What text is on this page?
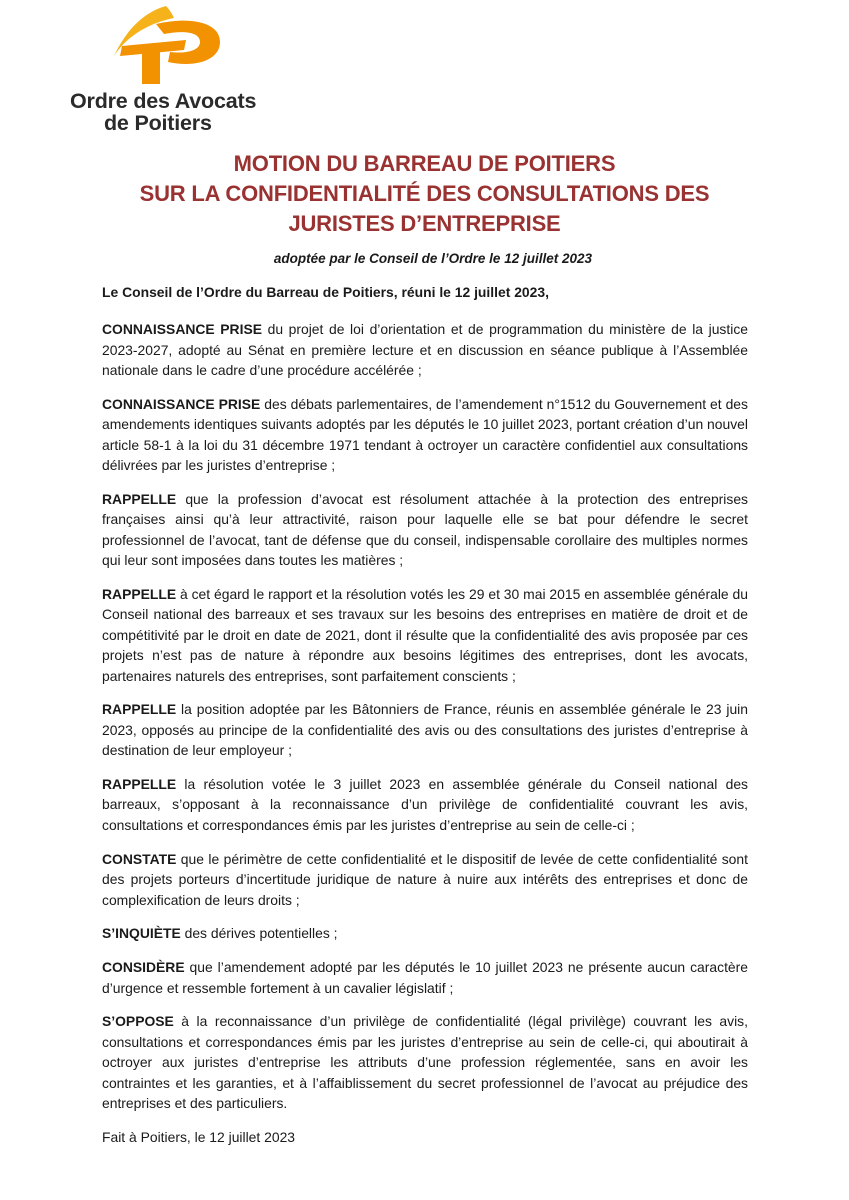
Ordre des Avocats
de Poitiers
MOTION DU BARREAU DE POITIERS
SUR LA CONFIDENTIALITÉ DES CONSULTATIONS DES
JURISTES D’ENTREPRISE
adoptée par le Conseil de l’Ordre le 12 juillet 2023

Le Conseil de l’Ordre du Barreau de Poitiers, réuni le 12 juillet 2023,

CONNAISSANCE PRISE du projet de loi d’orientation et de programmation du ministère de la justice 2023-2027, adopté au Sénat en première lecture et en discussion en séance publique à l’Assemblée nationale dans le cadre d’une procédure accélérée ;

CONNAISSANCE PRISE des débats parlementaires, de l’amendement n°1512 du Gouvernement et des amendements identiques suivants adoptés par les députés le 10 juillet 2023, portant création d’un nouvel article 58-1 à la loi du 31 décembre 1971 tendant à octroyer un caractère confidentiel aux consultations délivrées par les juristes d’entreprise ;

RAPPELLE que la profession d’avocat est résolument attachée à la protection des entreprises françaises ainsi qu’à leur attractivité, raison pour laquelle elle se bat pour défendre le secret professionnel de l’avocat, tant de défense que du conseil, indispensable corollaire des multiples normes qui leur sont imposées dans toutes les matières ;

RAPPELLE à cet égard le rapport et la résolution votés les 29 et 30 mai 2015 en assemblée générale du Conseil national des barreaux et ses travaux sur les besoins des entreprises en matière de droit et de compétitivité par le droit en date de 2021, dont il résulte que la confidentialité des avis proposée par ces projets n’est pas de nature à répondre aux besoins légitimes des entreprises, dont les avocats, partenaires naturels des entreprises, sont parfaitement conscients ;

RAPPELLE la position adoptée par les Bâtonniers de France, réunis en assemblée générale le 23 juin 2023, opposés au principe de la confidentialité des avis ou des consultations des juristes d’entreprise à destination de leur employeur ;

RAPPELLE la résolution votée le 3 juillet 2023 en assemblée générale du Conseil national des barreaux, s’opposant à la reconnaissance d’un privilège de confidentialité couvrant les avis, consultations et correspondances émis par les juristes d’entreprise au sein de celle-ci ;

CONSTATE que le périmètre de cette confidentialité et le dispositif de levée de cette confidentialité sont des projets porteurs d’incertitude juridique de nature à nuire aux intérêts des entreprises et donc de complexification de leurs droits ;

S’INQUIÈTE des dérives potentielles ;

CONSIDÈRE que l’amendement adopté par les députés le 10 juillet 2023 ne présente aucun caractère d’urgence et ressemble fortement à un cavalier législatif ;

S’OPPOSE à la reconnaissance d’un privilège de confidentialité (légal privilège) couvrant les avis, consultations et correspondances émis par les juristes d’entreprise au sein de celle-ci, qui aboutirait à octroyer aux juristes d’entreprise les attributs d’une profession réglementée, sans en avoir les contraintes et les garanties, et à l’affaiblissement du secret professionnel de l’avocat au préjudice des entreprises et des particuliers.

Fait à Poitiers, le 12 juillet 2023
